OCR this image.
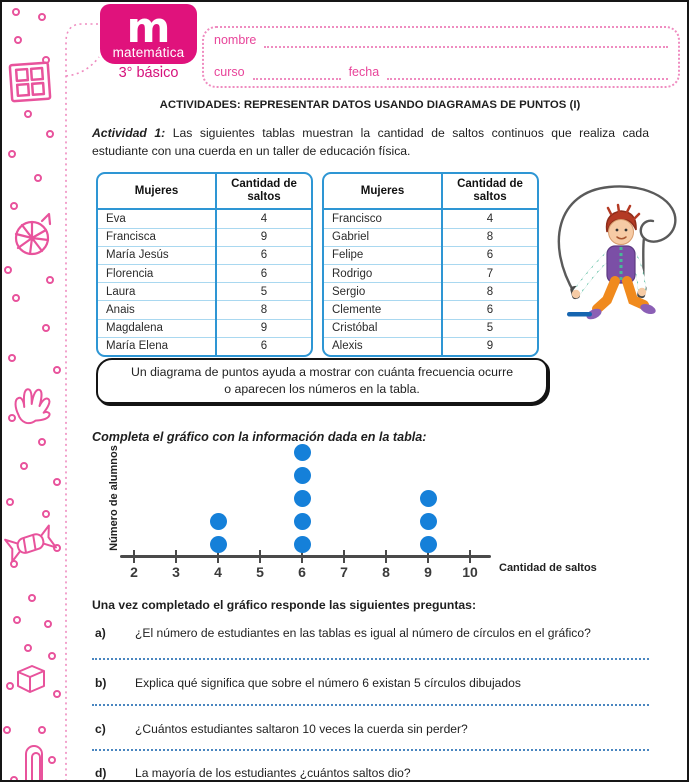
m
matemática
3° básico
nombre
curso	fecha
ACTIVIDADES: REPRESENTAR DATOS USANDO DIAGRAMAS DE PUNTOS (I)

Actividad 1: Las siguientes tablas muestran la cantidad de saltos continuos que realiza cada estudiante con una cuerda en un taller de educación física.

Mujeres	Cantidad de saltos
Eva	4
Francisca	9
María Jesús	6
Florencia	6
Laura	5
Anais	8
Magdalena	9
María Elena	6
Mujeres	Cantidad de saltos
Francisco	4
Gabriel	8
Felipe	6
Rodrigo	7
Sergio	8
Clemente	6
Cristóbal	5
Alexis	9
Un diagrama de puntos ayuda a mostrar con cuánta frecuencia ocurre
o aparecen los números en la tabla.
Completa el gráfico con la información dada en la tabla:
Número de alumnos
2	3	4	5	6	7	8	9	10	Cantidad de saltos
Una vez completado el gráfico responde las siguientes preguntas:
a) ¿El número de estudiantes en las tablas es igual al número de círculos en el gráfico?
b) Explica qué significa que sobre el número 6 existan 5 círculos dibujados
c) ¿Cuántos estudiantes saltaron 10 veces la cuerda sin perder?
d) La mayoría de los estudiantes ¿cuántos saltos dio?
